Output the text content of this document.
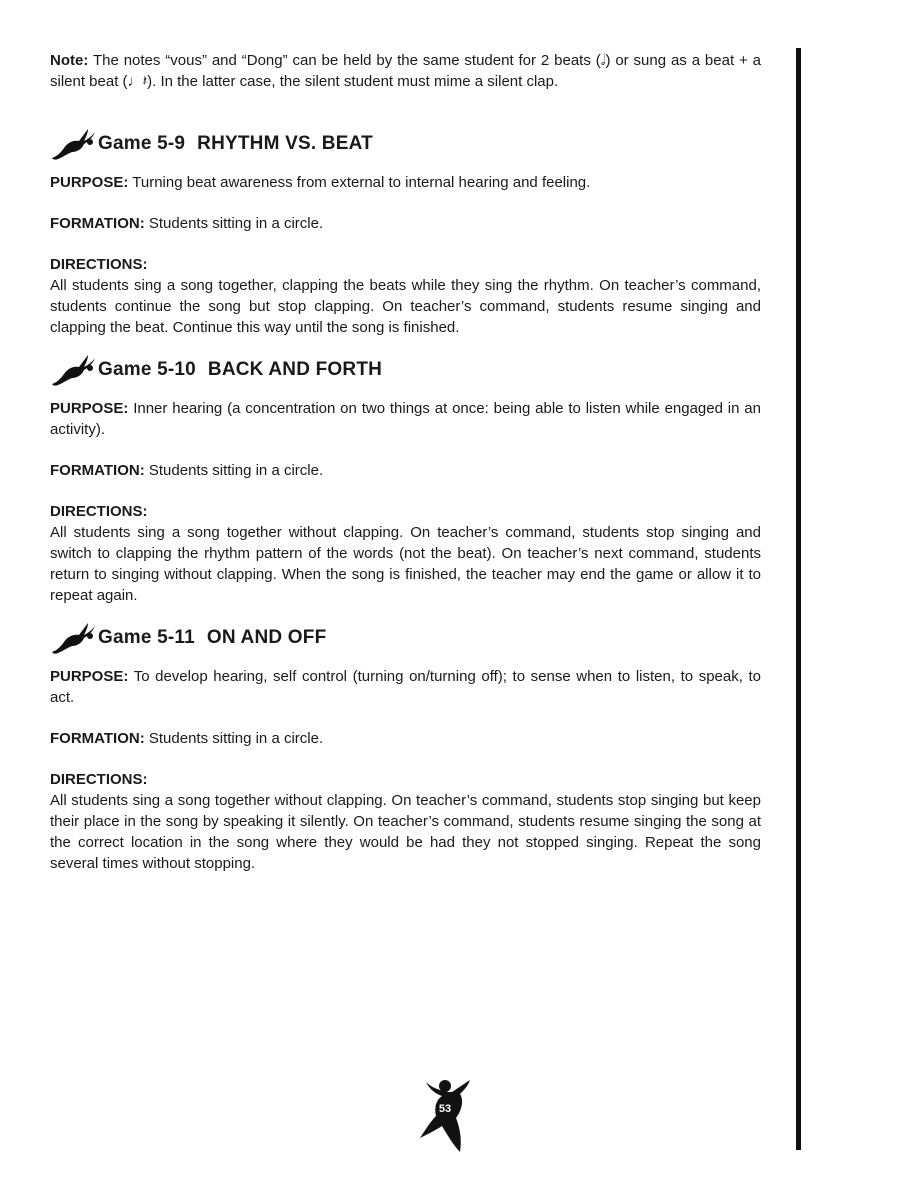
Note: The notes “vous” and “Dong” can be held by the same student for 2 beats (𝅗𝅥) or sung as a beat + a silent beat (♩𝄽). In the latter case, the silent student must mime a silent clap.

Game 5-9 RHYTHM VS. BEAT

PURPOSE: Turning beat awareness from external to internal hearing and feeling.

FORMATION: Students sitting in a circle.

DIRECTIONS:

All students sing a song together, clapping the beats while they sing the rhythm. On teacher’s command, students continue the song but stop clapping. On teacher’s command, students resume singing and clapping the beat. Continue this way until the song is finished.

Game 5-10 BACK AND FORTH

PURPOSE: Inner hearing (a concentration on two things at once: being able to listen while engaged in an activity).

FORMATION: Students sitting in a circle.

DIRECTIONS:

All students sing a song together without clapping. On teacher’s command, students stop singing and switch to clapping the rhythm pattern of the words (not the beat). On teacher’s next command, students return to singing without clapping. When the song is finished, the teacher may end the game or allow it to repeat again.

Game 5-11 ON AND OFF

PURPOSE: To develop hearing, self control (turning on/turning off); to sense when to listen, to speak, to act.

FORMATION: Students sitting in a circle.

DIRECTIONS:

All students sing a song together without clapping. On teacher’s command, students stop singing but keep their place in the song by speaking it silently. On teacher’s command, students resume singing the song at the correct location in the song where they would be had they not stopped singing. Repeat the song several times without stopping.

53
